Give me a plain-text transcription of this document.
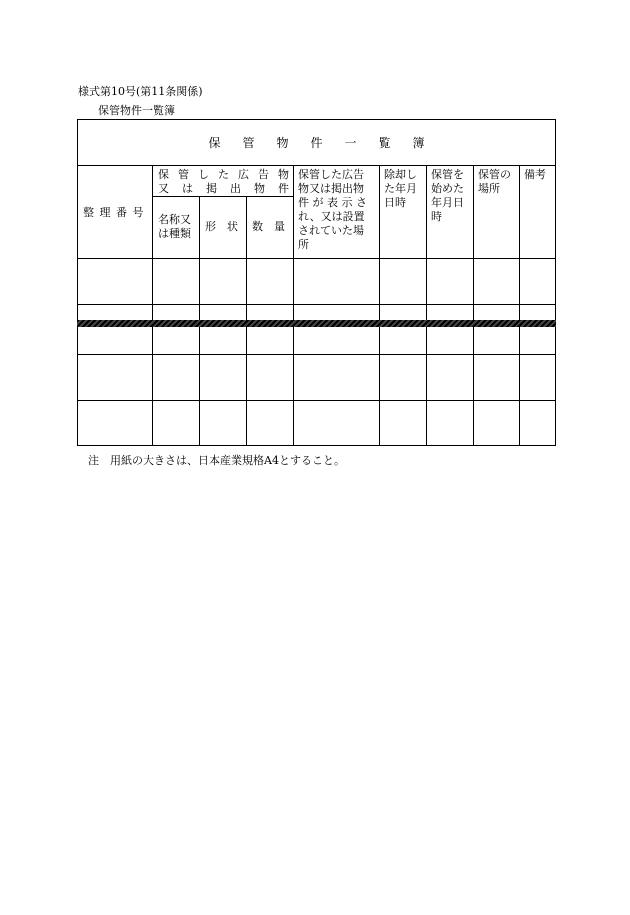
様式第10号(第11条関係)
保管物件一覧簿
保管物件一覧簿
整 理 番 号
保 管 し た 広 告 物
又 は 掲 出 物 件
名称又
は種類
形　状 数　量
保管した広告
物又は掲出物
件 が 表 示 さ
れ、又は設置
されていた場
所
除却し
た年月
日時
保管を
始めた
年月日
時
保管の
場所
備考
注　用紙の大きさは、日本産業規格A4とすること。
